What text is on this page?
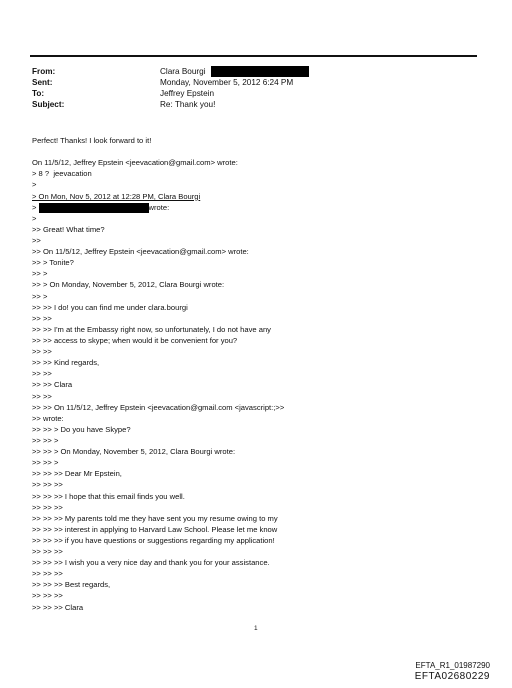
From:	Clara Bourgi
Sent:	Monday, November 5, 2012 6:24 PM
To:	Jeffrey Epstein
Subject:	Re: Thank you!
Perfect! Thanks! I look forward to it!
On 11/5/12, Jeffrey Epstein <jeevacation@gmail.com> wrote:
> 8 ?  jeevacation
>
> On Mon, Nov 5, 2012 at 12:28 PM, Clara Bourgi
>	wrote:
>
>> Great! What time?
>>
>> On 11/5/12, Jeffrey Epstein <jeevacation@gmail.com> wrote:
>> > Tonite?
>> >
>> > On Monday, November 5, 2012, Clara Bourgi wrote:
>> >
>> >> I do! you can find me under clara.bourgi
>> >>
>> >> I'm at the Embassy right now, so unfortunately, I do not have any
>> >> access to skype; when would it be convenient for you?
>> >>
>> >> Kind regards,
>> >>
>> >> Clara
>> >>
>> >> On 11/5/12, Jeffrey Epstein <jeevacation@gmail.com <javascript:;>>
>> wrote:
>> >> > Do you have Skype?
>> >> >
>> >> > On Monday, November 5, 2012, Clara Bourgi wrote:
>> >> >
>> >> >> Dear Mr Epstein,
>> >> >>
>> >> >> I hope that this email finds you well.
>> >> >>
>> >> >> My parents told me they have sent you my resume owing to my
>> >> >> interest in applying to Harvard Law School. Please let me know
>> >> >> if you have questions or suggestions regarding my application!
>> >> >>
>> >> >> I wish you a very nice day and thank you for your assistance.
>> >> >>
>> >> >> Best regards,
>> >> >>
>> >> >> Clara
1
EFTA_R1_01987290
EFTA02680229
